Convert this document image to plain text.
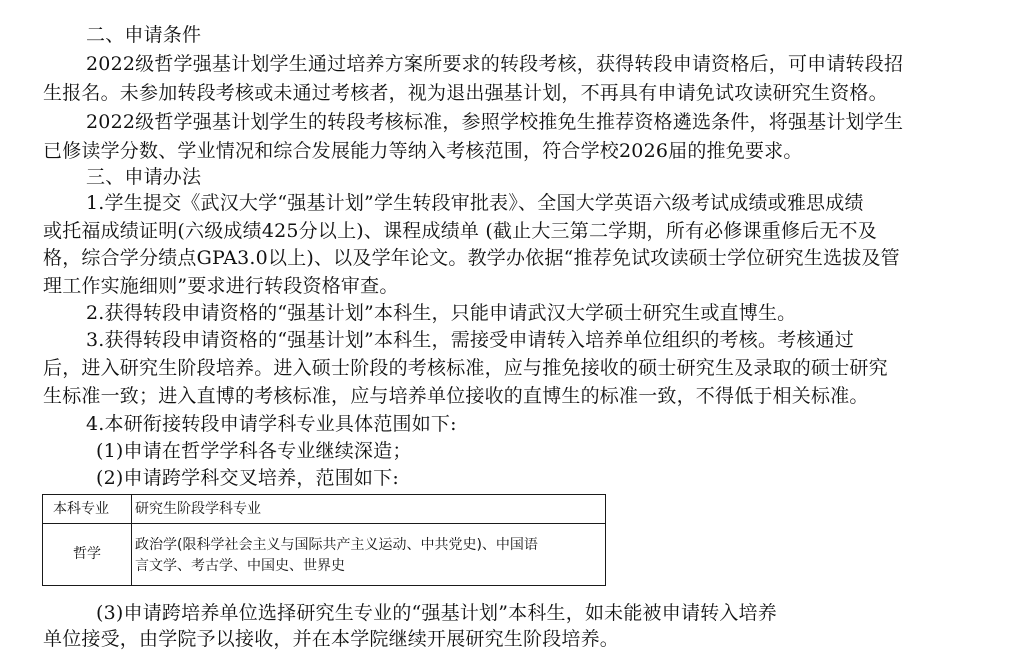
二、申请条件
2022级哲学强基计划学生通过培养方案所要求的转段考核，获得转段申请资格后，可申请转段招
生报名。未参加转段考核或未通过考核者，视为退出强基计划，不再具有申请免试攻读研究生资格。
2022级哲学强基计划学生的转段考核标准，参照学校推免生推荐资格遴选条件，将强基计划学生
已修读学分数、学业情况和综合发展能力等纳入考核范围，符合学校2026届的推免要求。
三、申请办法
1.学生提交《武汉大学“强基计划”学生转段审批表》、全国大学英语六级考试成绩或雅思成绩
或托福成绩证明(六级成绩425分以上)、课程成绩单 (截止大三第二学期，所有必修课重修后无不及
格，综合学分绩点GPA3.0以上)、以及学年论文。教学办依据“推荐免试攻读硕士学位研究生选拔及管
理工作实施细则”要求进行转段资格审查。
2.获得转段申请资格的“强基计划”本科生，只能申请武汉大学硕士研究生或直博生。
3.获得转段申请资格的“强基计划”本科生，需接受申请转入培养单位组织的考核。考核通过
后，进入研究生阶段培养。进入硕士阶段的考核标准，应与推免接收的硕士研究生及录取的硕士研究
生标准一致；进入直博的考核标准，应与培养单位接收的直博生的标准一致，不得低于相关标准。
4.本研衔接转段申请学科专业具体范围如下:
(1)申请在哲学学科各专业继续深造；
(2)申请跨学科交叉培养，范围如下:
本科专业 研究生阶段学科专业
哲学
政治学(限科学社会主义与国际共产主义运动、中共党史)、中国语
言文学、考古学、中国史、世界史
(3)申请跨培养单位选择研究生专业的“强基计划”本科生，如未能被申请转入培养
单位接受，由学院予以接收，并在本学院继续开展研究生阶段培养。
